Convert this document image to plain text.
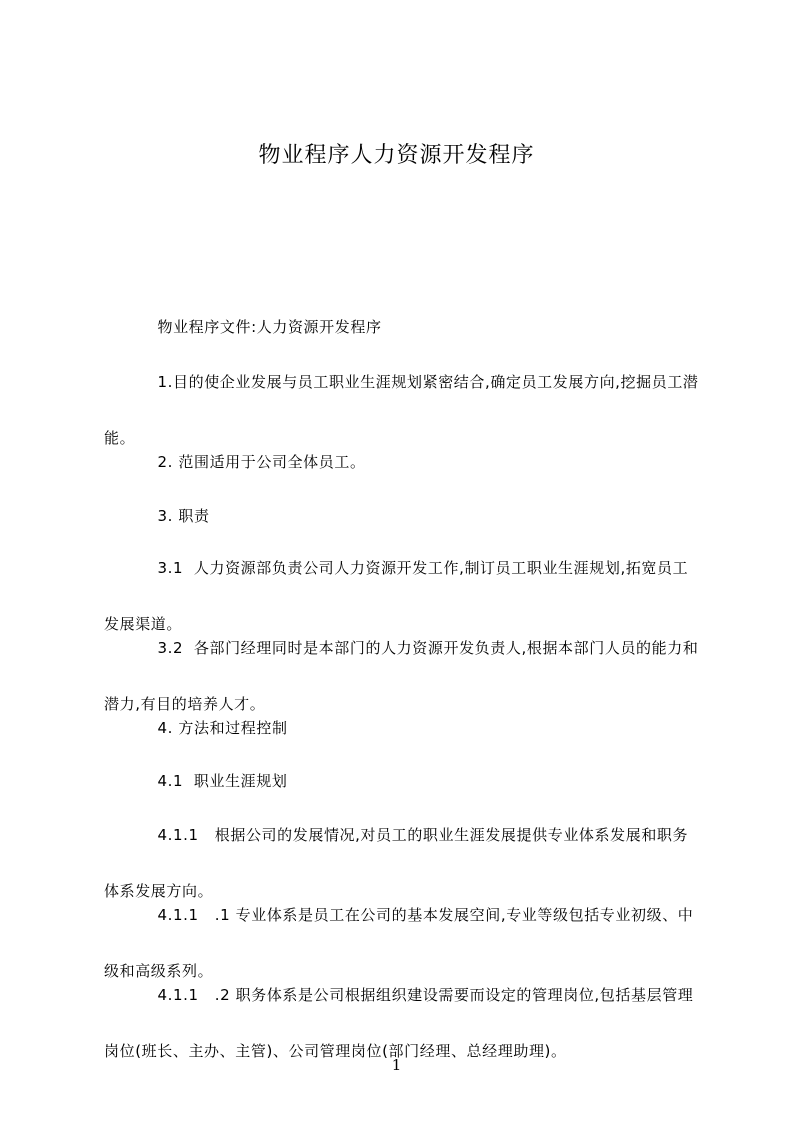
物业程序人力资源开发程序

物业程序文件:人力资源开发程序

1.目的使企业发展与员工职业生涯规划紧密结合,确定员工发展方向,挖掘员工潜

能。

2. 范围适用于公司全体员工。

3. 职责

3.1  人力资源部负责公司人力资源开发工作,制订员工职业生涯规划,拓宽员工

发展渠道。

3.2  各部门经理同时是本部门的人力资源开发负责人,根据本部门人员的能力和

潜力,有目的培养人才。

4. 方法和过程控制

4.1  职业生涯规划

4.1.1   根据公司的发展情况,对员工的职业生涯发展提供专业体系发展和职务

体系发展方向。

4.1.1   .1 专业体系是员工在公司的基本发展空间,专业等级包括专业初级、中

级和高级系列。

4.1.1   .2 职务体系是公司根据组织建设需要而设定的管理岗位,包括基层管理

岗位(班长、主办、主管)、公司管理岗位(部门经理、总经理助理)。

1
